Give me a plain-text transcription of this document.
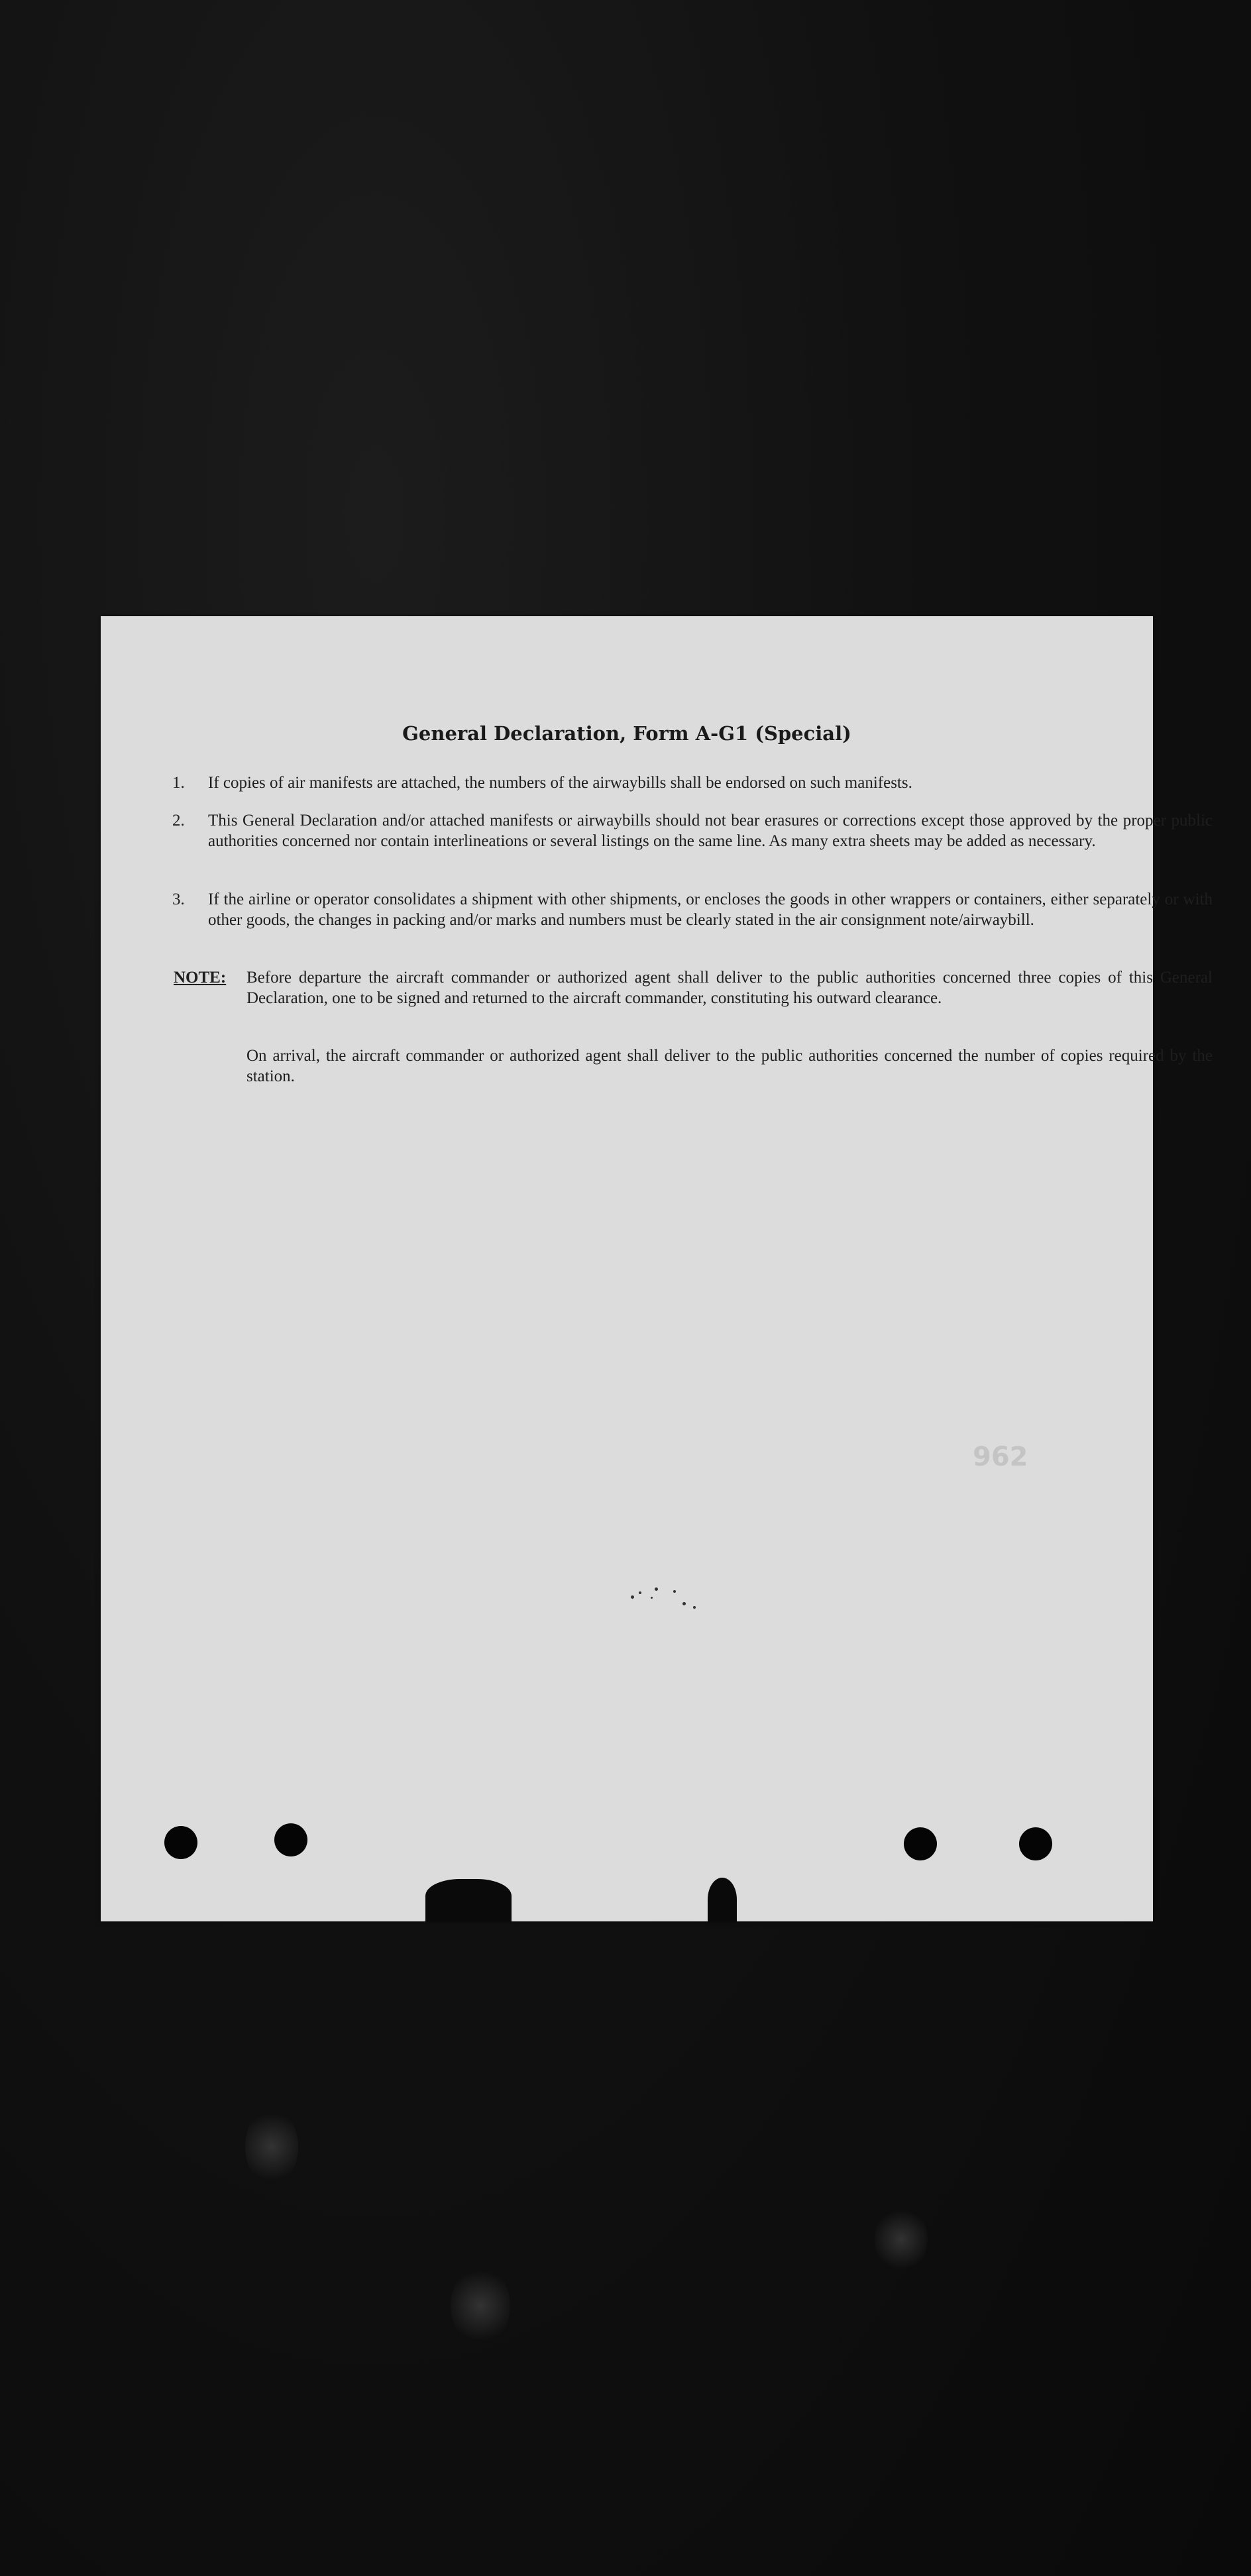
General Declaration, Form A-G1 (Special)
1. If copies of air manifests are attached, the numbers of the airwaybills shall be endorsed on such manifests.
2. This General Declaration and/or attached manifests or airwaybills should not bear erasures or corrections except those approved by the proper public authorities concerned nor contain interlineations or several listings on the same line. As many extra sheets may be added as necessary.
3. If the airline or operator consolidates a shipment with other shipments, or encloses the goods in other wrappers or containers, either separately or with other goods, the changes in packing and/or marks and numbers must be clearly stated in the air consignment note/airwaybill.
NOTE: Before departure the aircraft commander or authorized agent shall deliver to the public authorities concerned three copies of this General Declaration, one to be signed and returned to the aircraft commander, constituting his outward clearance.
On arrival, the aircraft commander or authorized agent shall deliver to the public authorities concerned the number of copies required by the station.
962
